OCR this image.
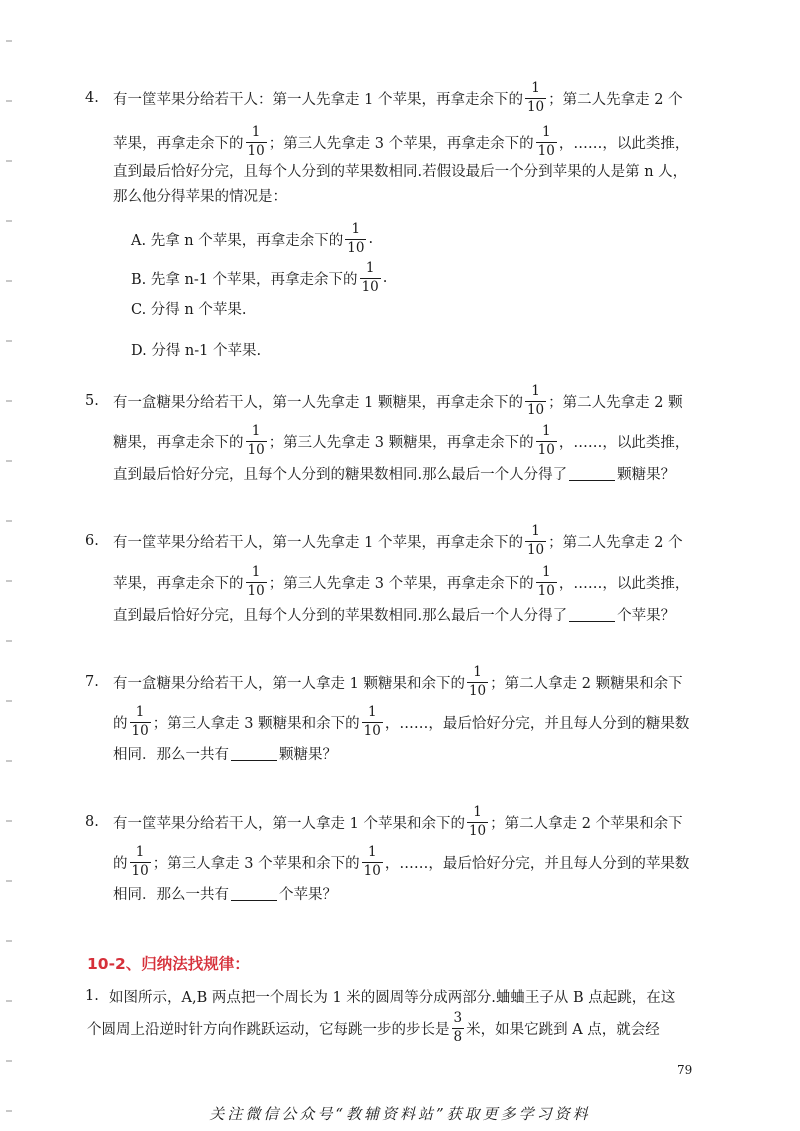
4. 有一筐苹果分给若干人：第一人先拿走 1 个苹果，再拿走余下的 $\frac{1}{10}$ ；第二人先拿走 2 个
苹果，再拿走余下的 $\frac{1}{10}$ ；第三人先拿走 3 个苹果，再拿走余下的 $\frac{1}{10}$ ，……，以此类推，
直到最后恰好分完，且每个人分到的苹果数相同.若假设最后一个分到苹果的人是第 n 人，
那么他分得苹果的情况是：
A. 先拿 n 个苹果，再拿走余下的 $\frac{1}{10}$ .
B. 先拿 n-1 个苹果，再拿走余下的 $\frac{1}{10}$ .
C. 分得 n 个苹果.
D. 分得 n-1 个苹果.
5. 有一盒糖果分给若干人，第一人先拿走 1 颗糖果，再拿走余下的 $\frac{1}{10}$ ；第二人先拿走 2 颗
糖果，再拿走余下的 $\frac{1}{10}$ ；第三人先拿走 3 颗糖果，再拿走余下的 $\frac{1}{10}$ ，……，以此类推，
直到最后恰好分完，且每个人分到的糖果数相同.那么最后一个人分得了	颗糖果？
6. 有一筐苹果分给若干人，第一人先拿走 1 个苹果，再拿走余下的 $\frac{1}{10}$ ；第二人先拿走 2 个
苹果，再拿走余下的 $\frac{1}{10}$ ；第三人先拿走 3 个苹果，再拿走余下的 $\frac{1}{10}$ ，……，以此类推，
直到最后恰好分完，且每个人分到的苹果数相同.那么最后一个人分得了	个苹果？
7. 有一盒糖果分给若干人，第一人拿走 1 颗糖果和余下的 $\frac{1}{10}$ ；第二人拿走 2 颗糖果和余下
的 $\frac{1}{10}$ ；第三人拿走 3 颗糖果和余下的 $\frac{1}{10}$ ，……，最后恰好分完，并且每人分到的糖果数
相同．那么一共有	颗糖果？
8. 有一筐苹果分给若干人，第一人拿走 1 个苹果和余下的 $\frac{1}{10}$ ；第二人拿走 2 个苹果和余下
的 $\frac{1}{10}$ ；第三人拿走 3 个苹果和余下的 $\frac{1}{10}$ ，……，最后恰好分完，并且每人分到的苹果数
相同．那么一共有	个苹果？
10-2、归纳法找规律：
1. 如图所示，A,B 两点把一个周长为 1 米的圆周等分成两部分.蛐蛐王子从 B 点起跳，在这
个圆周上沿逆时针方向作跳跃运动，它每跳一步的步长是 $\frac{3}{8}$ 米，如果它跳到 A 点，就会经
79
关注微信公众号“教辅资料站”获取更多学习资料
